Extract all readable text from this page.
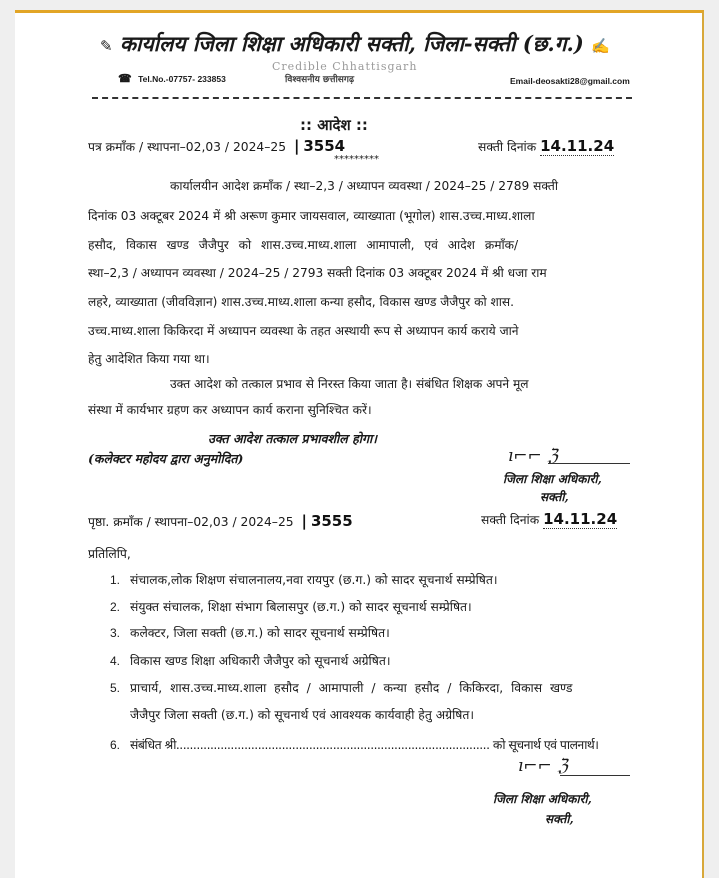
✎ कार्यालय जिला शिक्षा अधिकारी सक्ती, जिला-सक्ती (छ.ग.) ✍
☎ Tel.No.-07757- 233853
Credible Chhattisgarh
विश्वसनीय छत्तीसगढ़	Email-deosakti28@gmail.com
:: आदेश ::
पत्र क्रमाँक / स्थापना–02,03 / 2024–25 | 3554	सक्ती दिनांक 14.11.24
*********
कार्यालयीन आदेश क्रमाँक / स्था–2,3 / अध्यापन व्यवस्था / 2024–25 / 2789 सक्ती
दिनांक 03 अक्टूबर 2024 में श्री अरूण कुमार जायसवाल, व्याख्याता (भूगोल) शास.उच्च.माध्य.शाला
हसौद, विकास खण्ड जैजैपुर को शास.उच्च.माध्य.शाला आमापाली, एवं आदेश क्रमाँक/
स्था–2,3 / अध्यापन व्यवस्था / 2024–25 / 2793 सक्ती दिनांक 03 अक्टूबर 2024 में श्री धजा राम
लहरे, व्याख्याता (जीवविज्ञान) शास.उच्च.माध्य.शाला कन्या हसौद, विकास खण्ड जैजैपुर को शास.
उच्च.माध्य.शाला किकिरदा में अध्यापन व्यवस्था के तहत अस्थायी रूप से अध्यापन कार्य कराये जाने
हेतु आदेशित किया गया था।
उक्त आदेश को तत्काल प्रभाव से निरस्त किया जाता है। संबंधित शिक्षक अपने मूल
संस्था में कार्यभार ग्रहण कर अध्यापन कार्य कराना सुनिश्चित करें।
उक्त आदेश तत्काल प्रभावशील होगा।
(कलेक्टर महोदय द्वारा अनुमोदित)	ı⌐⌐ ℨ
जिला शिक्षा अधिकारी,
सक्ती,
पृष्ठा. क्रमाँक / स्थापना–02,03 / 2024–25 | 3555	सक्ती दिनांक 14.11.24
प्रतिलिपि,
1. संचालक,लोक शिक्षण संचालनालय,नवा रायपुर (छ.ग.) को सादर सूचनार्थ सम्प्रेषित।
2. संयुक्त संचालक, शिक्षा संभाग बिलासपुर (छ.ग.) को सादर सूचनार्थ सम्प्रेषित।
3. कलेक्टर, जिला सक्ती (छ.ग.) को सादर सूचनार्थ सम्प्रेषित।
4. विकास खण्ड शिक्षा अधिकारी जैजैपुर को सूचनार्थ अग्रेषित।
5. प्राचार्य, शास.उच्च.माध्य.शाला हसौद / आमापाली / कन्या हसौद / किकिरदा, विकास खण्ड
जैजैपुर जिला सक्ती (छ.ग.) को सूचनार्थ एवं आवश्यक कार्यवाही हेतु अग्रेषित।
6. संबंधित श्री............................................................................................ को सूचनार्थ एवं पालनार्थ।
ı⌐⌐ ℨ
जिला शिक्षा अधिकारी,
सक्ती,
